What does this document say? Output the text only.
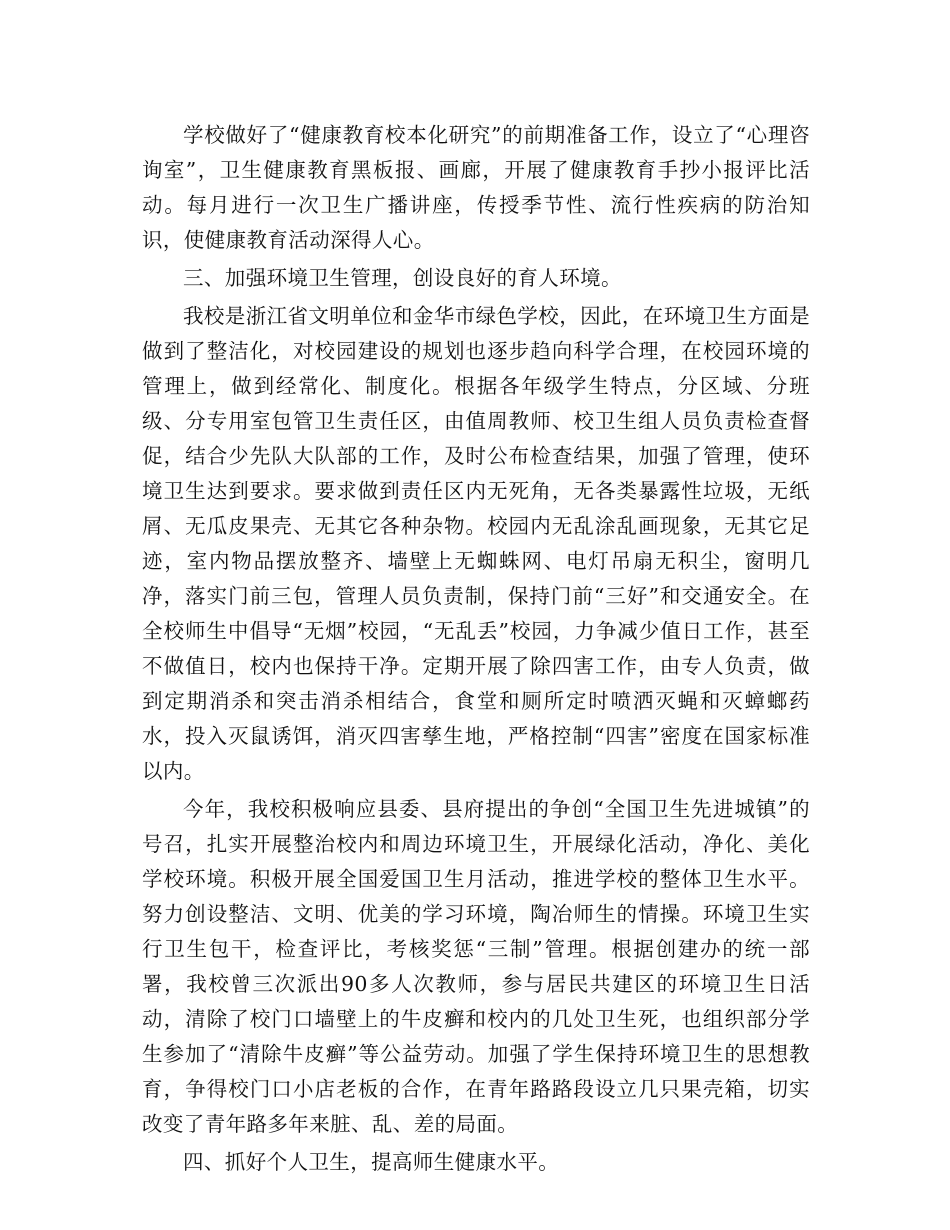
学校做好了“健康教育校本化研究”的前期准备工作，设立了“心理咨询室”，卫生健康教育黑板报、画廊，开展了健康教育手抄小报评比活动。每月进行一次卫生广播讲座，传授季节性、流行性疾病的防治知识，使健康教育活动深得人心。

三、加强环境卫生管理，创设良好的育人环境。

我校是浙江省文明单位和金华市绿色学校，因此，在环境卫生方面是做到了整洁化，对校园建设的规划也逐步趋向科学合理，在校园环境的管理上，做到经常化、制度化。根据各年级学生特点，分区域、分班级、分专用室包管卫生责任区，由值周教师、校卫生组人员负责检查督促，结合少先队大队部的工作，及时公布检查结果，加强了管理，使环境卫生达到要求。要求做到责任区内无死角，无各类暴露性垃圾，无纸屑、无瓜皮果壳、无其它各种杂物。校园内无乱涂乱画现象，无其它足迹，室内物品摆放整齐、墙壁上无蜘蛛网、电灯吊扇无积尘，窗明几净，落实门前三包，管理人员负责制，保持门前“三好”和交通安全。在全校师生中倡导“无烟”校园，“无乱丢”校园，力争减少值日工作，甚至不做值日，校内也保持干净。定期开展了除四害工作，由专人负责，做到定期消杀和突击消杀相结合，食堂和厕所定时喷洒灭蝇和灭蟑螂药水，投入灭鼠诱饵，消灭四害孳生地，严格控制“四害”密度在国家标准以内。

今年，我校积极响应县委、县府提出的争创“全国卫生先进城镇”的号召，扎实开展整治校内和周边环境卫生，开展绿化活动，净化、美化学校环境。积极开展全国爱国卫生月活动，推进学校的整体卫生水平。努力创设整洁、文明、优美的学习环境，陶冶师生的情操。环境卫生实行卫生包干，检查评比，考核奖惩“三制”管理。根据创建办的统一部署，我校曾三次派出90多人次教师，参与居民共建区的环境卫生日活动，清除了校门口墙壁上的牛皮癣和校内的几处卫生死，也组织部分学生参加了“清除牛皮癣”等公益劳动。加强了学生保持环境卫生的思想教育，争得校门口小店老板的合作，在青年路路段设立几只果壳箱，切实改变了青年路多年来脏、乱、差的局面。

四、抓好个人卫生，提高师生健康水平。
